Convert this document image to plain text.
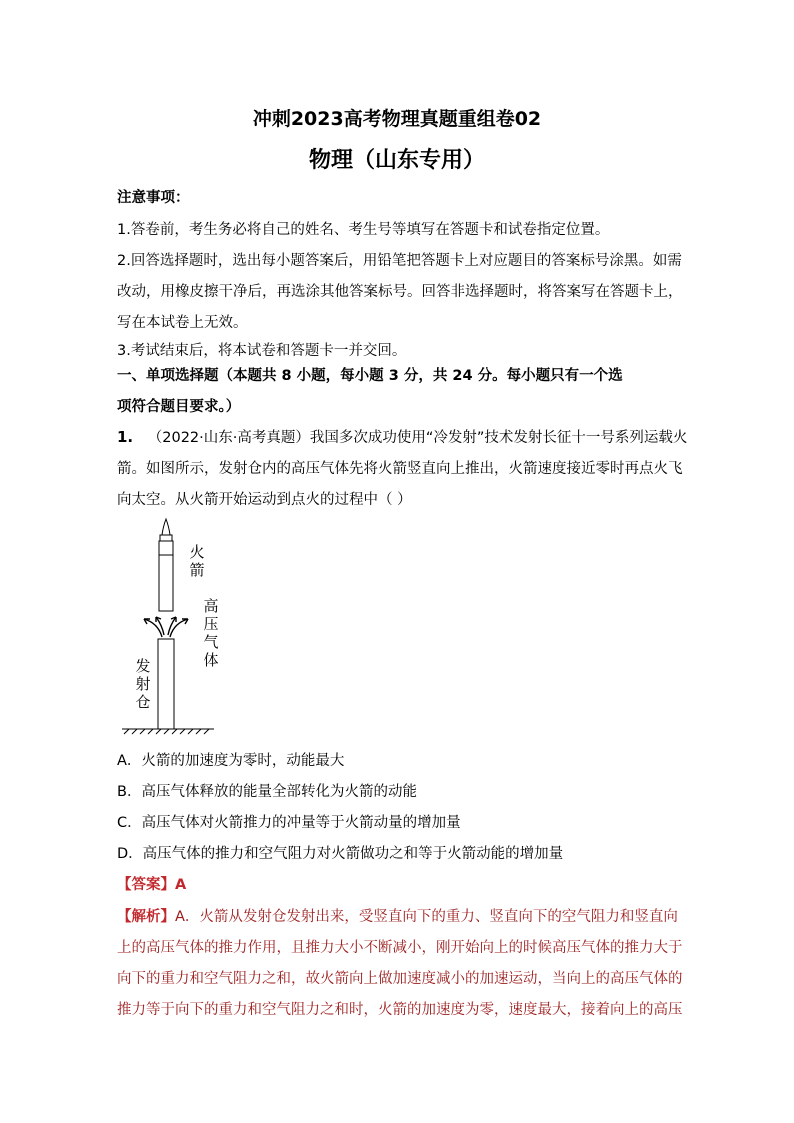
冲刺2023高考物理真题重组卷02
物理（山东专用）
注意事项：
1.答卷前，考生务必将自己的姓名、考生号等填写在答题卡和试卷指定位置。
2.回答选择题时，选出每小题答案后，用铅笔把答题卡上对应题目的答案标号涂黑。如需
改动，用橡皮擦干净后，再选涂其他答案标号。回答非选择题时，将答案写在答题卡上，
写在本试卷上无效。
3.考试结束后，将本试卷和答题卡一并交回。
一、单项选择题（本题共 8 小题，每小题 3 分，共 24 分。每小题只有一个选
项符合题目要求。）
1. （2022·山东·高考真题）我国多次成功使用“冷发射”技术发射长征十一号系列运载火
箭。如图所示，发射仓内的高压气体先将火箭竖直向上推出，火箭速度接近零时再点火飞
向太空。从火箭开始运动到点火的过程中（ ）
火箭
高压气体
发射仓
A．火箭的加速度为零时，动能最大
B．高压气体释放的能量全部转化为火箭的动能
C．高压气体对火箭推力的冲量等于火箭动量的增加量
D．高压气体的推力和空气阻力对火箭做功之和等于火箭动能的增加量
【答案】A
【解析】A．火箭从发射仓发射出来，受竖直向下的重力、竖直向下的空气阻力和竖直向
上的高压气体的推力作用，且推力大小不断减小，刚开始向上的时候高压气体的推力大于
向下的重力和空气阻力之和，故火箭向上做加速度减小的加速运动，当向上的高压气体的
推力等于向下的重力和空气阻力之和时，火箭的加速度为零，速度最大，接着向上的高压
